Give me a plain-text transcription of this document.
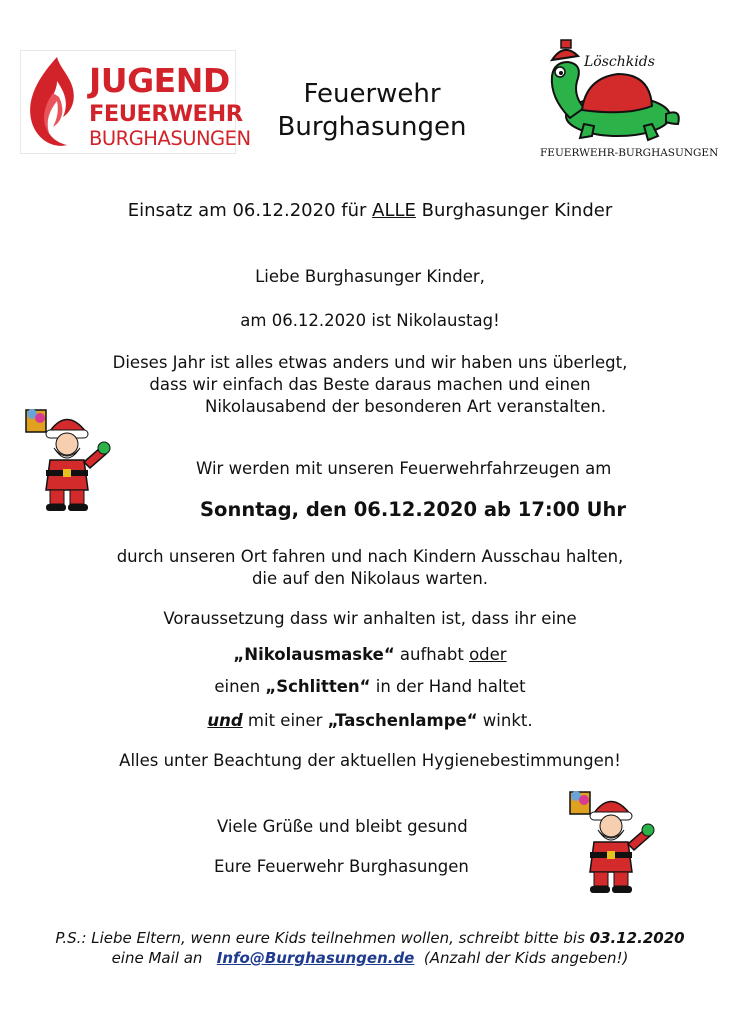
JUGEND
FEUERWEHR
BURGHASUNGEN
Feuerwehr
Burghasungen
Löschkids
FEUERWEHR-BURGHASUNGEN
Einsatz am 06.12.2020 für ALLE Burghasunger Kinder
Liebe Burghasunger Kinder,
am 06.12.2020 ist Nikolaustag!
Dieses Jahr ist alles etwas anders und wir haben uns überlegt,
dass wir einfach das Beste daraus machen und einen
Nikolausabend der besonderen Art veranstalten.
Wir werden mit unseren Feuerwehrfahrzeugen am
Sonntag, den 06.12.2020 ab 17:00 Uhr
durch unseren Ort fahren und nach Kindern Ausschau halten,
die auf den Nikolaus warten.
Voraussetzung dass wir anhalten ist, dass ihr eine
„Nikolausmaske“ aufhabt oder
einen „Schlitten“ in der Hand haltet
und mit einer „Taschenlampe“ winkt.
Alles unter Beachtung der aktuellen Hygienebestimmungen!
Viele Grüße und bleibt gesund
Eure Feuerwehr Burghasungen
P.S.: Liebe Eltern, wenn eure Kids teilnehmen wollen, schreibt bitte bis 03.12.2020
eine Mail an   Info@Burghasungen.de (Anzahl der Kids angeben!)
